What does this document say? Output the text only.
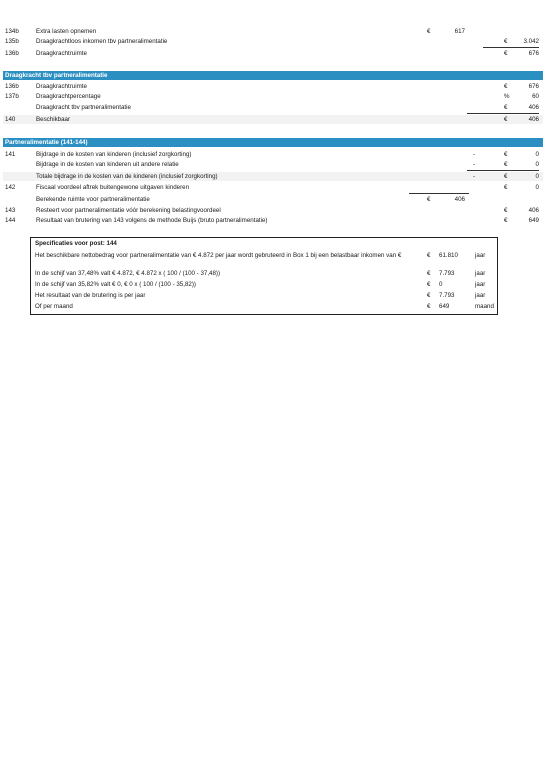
134b	Extra lasten opnemen	€	617
135b	Draagkrachtloos inkomen tbv partneralimentatie	€	3.042
136b	Draagkrachtruimte	€	676
Draagkracht tbv partneralimentatie
136b	Draagkrachtruimte	€	676
137b	Draagkrachtpercentage	%	60
Draagkracht tbv partneralimentatie	€	406
140	Beschikbaar	€	406
Partneralimentatie (141-144)
141	Bijdrage in de kosten van kinderen (inclusief zorgkorting)	-	€	0
Bijdrage in de kosten van kinderen uit andere relatie	-	€	0
Totale bijdrage in de kosten van de kinderen (inclusief zorgkorting)	-	€	0
142	Fiscaal voordeel aftrek buitengewone uitgaven kinderen	€	0
Berekende ruimte voor partneralimentatie	€	406
143	Resteert voor partneralimentatie vóór berekening belastingvoordeel	€	406
144	Resultaat van brutering van 143 volgens de methode Buijs (bruto partneralimentatie)	€	649
Specificaties voor post: 144
Het beschikbare nettobedrag voor partneralimentatie van € 4.872 per jaar wordt gebruteerd in Box 1 bij een belastbaar inkomen van €	€ 61.810	jaar
In de schijf van 37,48% valt € 4.872, € 4.872 x ( 100 / (100 - 37,48))	€ 7.793	jaar
In de schijf van 35,82% valt € 0, € 0 x ( 100 / (100 - 35,82))	€ 0	jaar
Het resultaat van de brutering is per jaar	€ 7.793	jaar
Of per maand	€ 649	maand
